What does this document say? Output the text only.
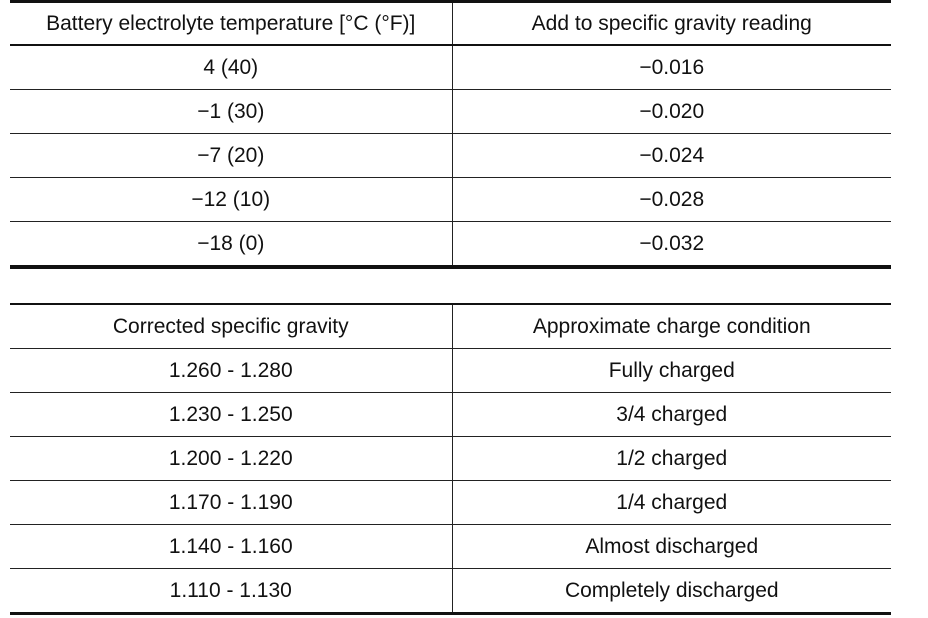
Battery electrolyte temperature [°C (°F)]	Add to specific gravity reading
4 (40)	−0.016
−1 (30)	−0.020
−7 (20)	−0.024
−12 (10)	−0.028
−18 (0)	−0.032
Corrected specific gravity	Approximate charge condition
1.260 - 1.280	Fully charged
1.230 - 1.250	3/4 charged
1.200 - 1.220	1/2 charged
1.170 - 1.190	1/4 charged
1.140 - 1.160	Almost discharged
1.110 - 1.130	Completely discharged
